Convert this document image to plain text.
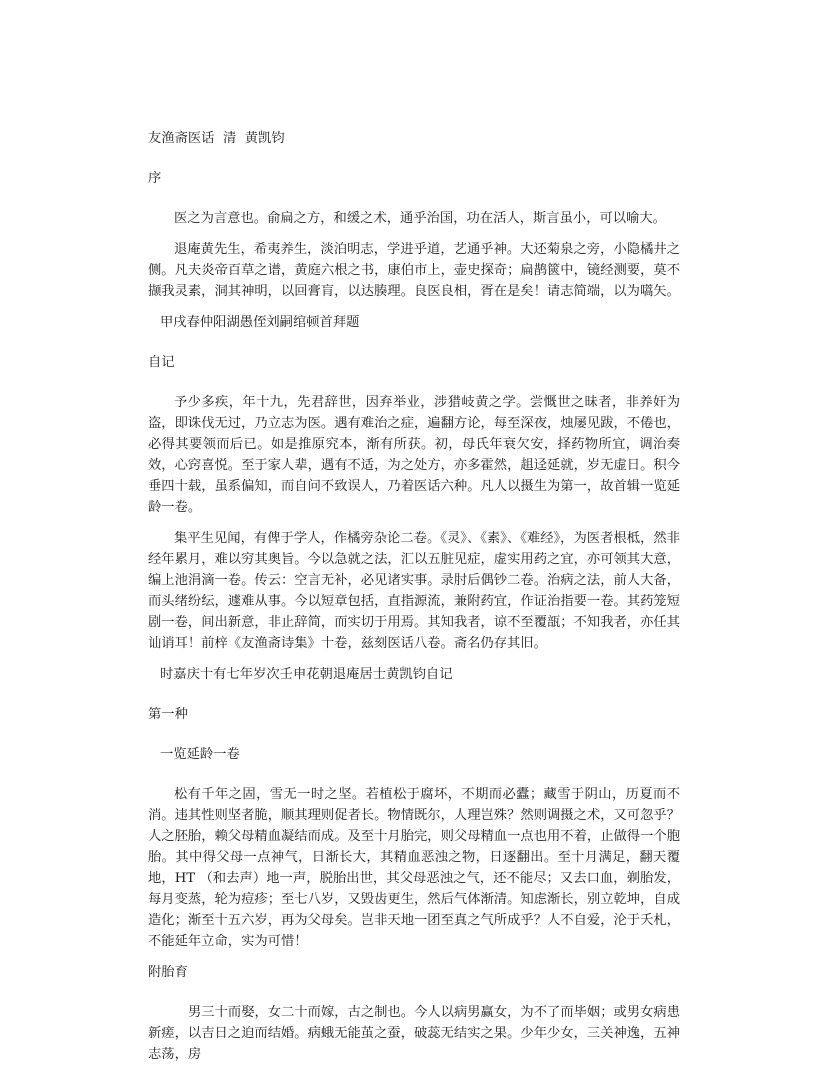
友渔斋医话  清  黄凯钧
序
医之为言意也。俞扁之方，和缓之术，通乎治国，功在活人，斯言虽小，可以喻大。
退庵黄先生，希夷养生，淡泊明志，学进乎道，艺通乎神。大还菊泉之旁，小隐橘井之侧。凡夫炎帝百草之谱，黄庭六根之书，康伯市上，壶史探奇；扁鹊篋中，镜经测要，莫不撷我灵素，洞其神明，以回膏肓，以达腠理。良医良相，胥在是矣！请志简端，以为嚆矢。
甲戌春仲阳湖愚侄刘嗣绾顿首拜题
自记
予少多疾，年十九，先君辞世，因弃举业，涉猎岐黄之学。尝慨世之昧者，非养奸为盗，即诛伐无过，乃立志为医。遇有难治之症，遍翻方论，每至深夜，烛屡见跋，不倦也，必得其要领而后已。如是推原究本，渐有所获。初，母氏年衰欠安，择药物所宜，调治奏效，心窍喜悦。至于家人辈，遇有不适，为之处方，亦多霍然，趄迳延就，岁无虚日。积今垂四十载，虽系偏知，而自问不致误人，乃着医话六种。凡人以摄生为第一，故首辑一览延龄一卷。
集平生见闻，有俾于学人，作橘旁杂论二卷。《灵》、《素》、《难经》，为医者根柢，然非经年累月，难以穷其奥旨。今以急就之法，汇以五脏见症，虚实用药之宜，亦可领其大意，编上池涓滴一卷。传云：空言无补，必见诸实事。录肘后偶钞二卷。治病之法，前人大备，而头绪纷纭，遽难从事。今以短章包括，直指源流，兼附药宜，作证治指要一卷。其药笼短剧一卷，间出新意，非止辞简，而实切于用焉。其知我者，谅不至覆瓿；不知我者，亦任其讪诮耳！前梓《友渔斋诗集》十卷，兹刻医话八卷。斋名仍存其旧。
时嘉庆十有七年岁次壬申花朝退庵居士黄凯钧自记
第一种
一览延龄一卷
松有千年之固，雪无一时之坚。若植松于腐坏，不期而必蠹；藏雪于阴山，历夏而不消。违其性则坚者脆，顺其理则促者长。物情既尔，人理岂殊？然则调摄之术，又可忽乎？人之胚胎，赖父母精血凝结而成。及至十月胎完，则父母精血一点也用不着，止做得一个胞胎。其中得父母一点神气，日渐长大，其精血恶浊之物，日逐翻出。至十月满足，翻天覆地，HT （和去声）地一声，脱胎出世，其父母恶浊之气，还不能尽；又去口血，剃胎发，每月变蒸，轮为痘疹；至七八岁，又毁齿更生，然后气体渐清。知虑渐长，别立乾坤，自成造化；渐至十五六岁，再为父母矣。岂非天地一团至真之气所成乎？人不自爱，沦于夭札，不能延年立命，实为可惜！
附胎育
男三十而娶，女二十而嫁，古之制也。今人以病男赢女，为不了而毕姻；或男女病患新瘥，以吉日之迫而结婚。病蛾无能茧之蚕，破蕊无结实之果。少年少女，三关神逸，五神志荡，房
